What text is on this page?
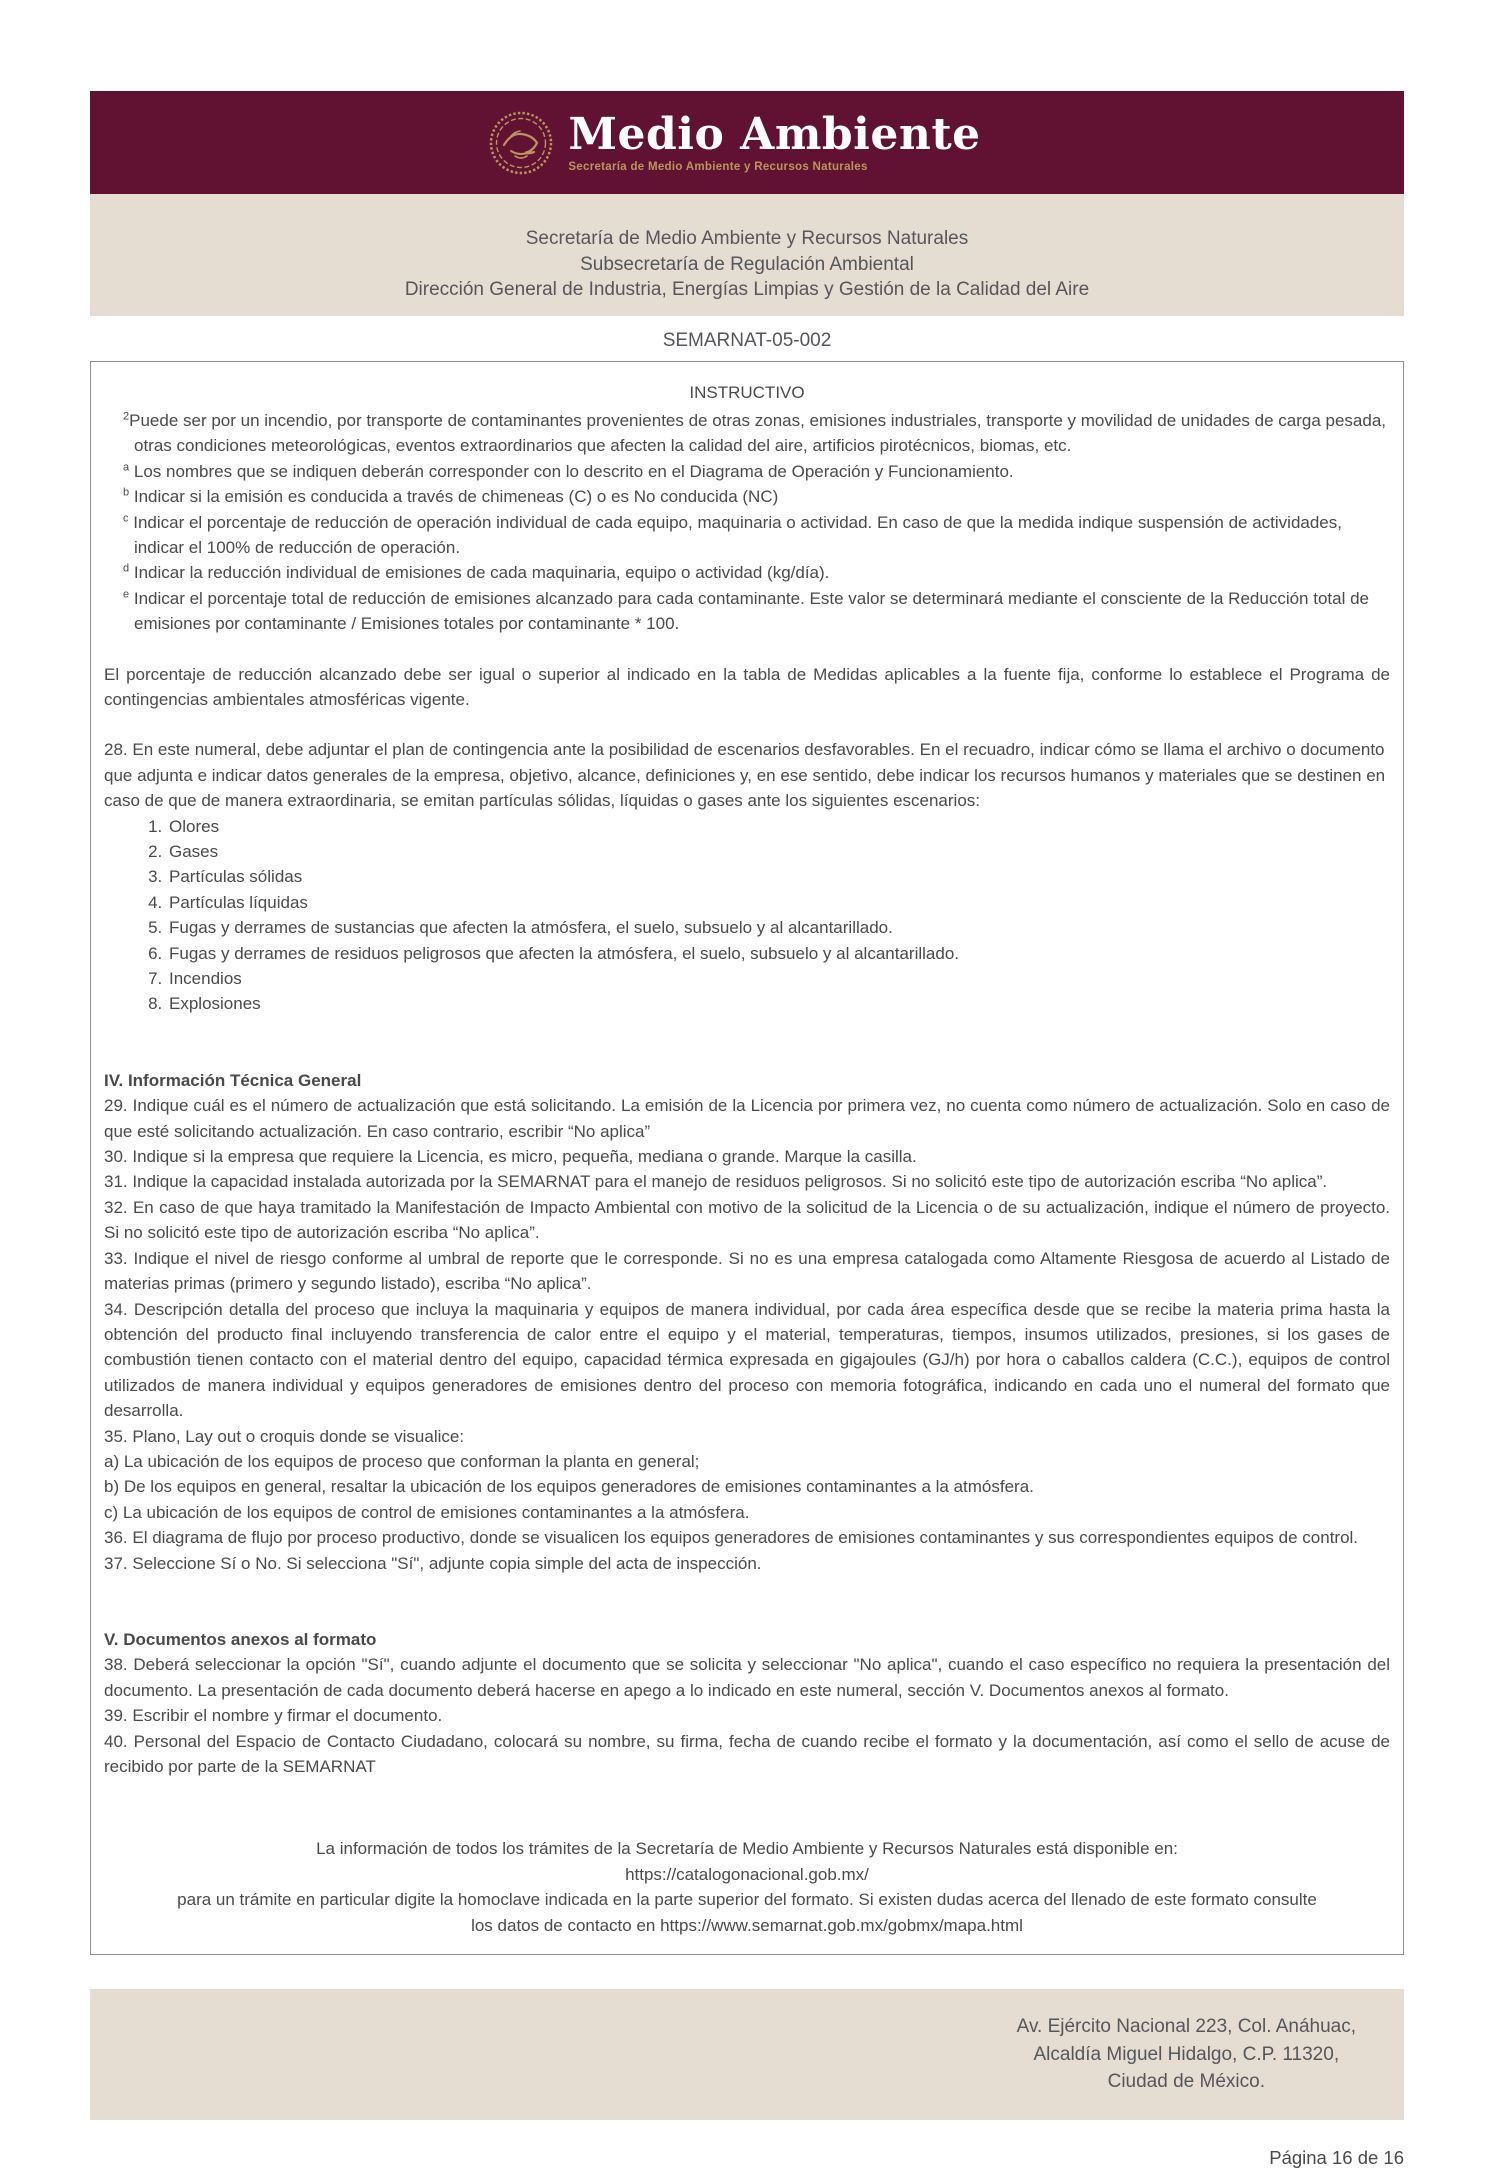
Medio Ambiente
Secretaría de Medio Ambiente y Recursos Naturales
Secretaría de Medio Ambiente y Recursos Naturales
Subsecretaría de Regulación Ambiental
Dirección General de Industria, Energías Limpias y Gestión de la Calidad del Aire
SEMARNAT-05-002
INSTRUCTIVO
$^2$Puede ser por un incendio, por transporte de contaminantes provenientes de otras zonas, emisiones industriales, transporte y movilidad de unidades de carga pesada, otras condiciones meteorológicas, eventos extraordinarios que afecten la calidad del aire, artificios pirotécnicos, biomas, etc.
$^a$ Los nombres que se indiquen deberán corresponder con lo descrito en el Diagrama de Operación y Funcionamiento.
$^b$ Indicar si la emisión es conducida a través de chimeneas (C) o es No conducida (NC)
$^c$ Indicar el porcentaje de reducción de operación individual de cada equipo, maquinaria o actividad. En caso de que la medida indique suspensión de actividades, indicar el 100% de reducción de operación.
$^d$ Indicar la reducción individual de emisiones de cada maquinaria, equipo o actividad (kg/día).
$^e$ Indicar el porcentaje total de reducción de emisiones alcanzado para cada contaminante. Este valor se determinará mediante el consciente de la Reducción total de emisiones por contaminante / Emisiones totales por contaminante * 100.

El porcentaje de reducción alcanzado debe ser igual o superior al indicado en la tabla de Medidas aplicables a la fuente fija, conforme lo establece el Programa de contingencias ambientales atmosféricas vigente.

28. En este numeral, debe adjuntar el plan de contingencia ante la posibilidad de escenarios desfavorables. En el recuadro, indicar cómo se llama el archivo o documento que adjunta e indicar datos generales de la empresa, objetivo, alcance, definiciones y, en ese sentido, debe indicar los recursos humanos y materiales que se destinen en caso de que de manera extraordinaria, se emitan partículas sólidas, líquidas o gases ante los siguientes escenarios:

1. Olores
2. Gases
3. Partículas sólidas
4. Partículas líquidas
5. Fugas y derrames de sustancias que afecten la atmósfera, el suelo, subsuelo y al alcantarillado.
6. Fugas y derrames de residuos peligrosos que afecten la atmósfera, el suelo, subsuelo y al alcantarillado.
7. Incendios
8. Explosiones

IV. Información Técnica General

29. Indique cuál es el número de actualización que está solicitando. La emisión de la Licencia por primera vez, no cuenta como número de actualización. Solo en caso de que esté solicitando actualización. En caso contrario, escribir “No aplica”

30. Indique si la empresa que requiere la Licencia, es micro, pequeña, mediana o grande. Marque la casilla.

31. Indique la capacidad instalada autorizada por la SEMARNAT para el manejo de residuos peligrosos. Si no solicitó este tipo de autorización escriba “No aplica”.

32. En caso de que haya tramitado la Manifestación de Impacto Ambiental con motivo de la solicitud de la Licencia o de su actualización, indique el número de proyecto. Si no solicitó este tipo de autorización escriba “No aplica”.

33. Indique el nivel de riesgo conforme al umbral de reporte que le corresponde. Si no es una empresa catalogada como Altamente Riesgosa de acuerdo al Listado de materias primas (primero y segundo listado), escriba “No aplica”.

34. Descripción detalla del proceso que incluya la maquinaria y equipos de manera individual, por cada área específica desde que se recibe la materia prima hasta la obtención del producto final incluyendo transferencia de calor entre el equipo y el material, temperaturas, tiempos, insumos utilizados, presiones, si los gases de combustión tienen contacto con el material dentro del equipo, capacidad térmica expresada en gigajoules (GJ/h) por hora o caballos caldera (C.C.), equipos de control utilizados de manera individual y equipos generadores de emisiones dentro del proceso con memoria fotográfica, indicando en cada uno el numeral del formato que desarrolla.

35. Plano, Lay out o croquis donde se visualice:

a) La ubicación de los equipos de proceso que conforman la planta en general;

b) De los equipos en general, resaltar la ubicación de los equipos generadores de emisiones contaminantes a la atmósfera.

c) La ubicación de los equipos de control de emisiones contaminantes a la atmósfera.

36. El diagrama de flujo por proceso productivo, donde se visualicen los equipos generadores de emisiones contaminantes y sus correspondientes equipos de control.

37. Seleccione Sí o No. Si selecciona "Sí", adjunte copia simple del acta de inspección.

V. Documentos anexos al formato

38. Deberá seleccionar la opción "Sí", cuando adjunte el documento que se solicita y seleccionar "No aplica", cuando el caso específico no requiera la presentación del documento. La presentación de cada documento deberá hacerse en apego a lo indicado en este numeral, sección V. Documentos anexos al formato.

39. Escribir el nombre y firmar el documento.

40. Personal del Espacio de Contacto Ciudadano, colocará su nombre, su firma, fecha de cuando recibe el formato y la documentación, así como el sello de acuse de recibido por parte de la SEMARNAT

La información de todos los trámites de la Secretaría de Medio Ambiente y Recursos Naturales está disponible en:
https://catalogonacional.gob.mx/
para un trámite en particular digite la homoclave indicada en la parte superior del formato. Si existen dudas acerca del llenado de este formato consulte
los datos de contacto en https://www.semarnat.gob.mx/gobmx/mapa.html
Av. Ejército Nacional 223, Col. Anáhuac,
Alcaldía Miguel Hidalgo, C.P. 11320,
Ciudad de México.
Página 16 de 16
